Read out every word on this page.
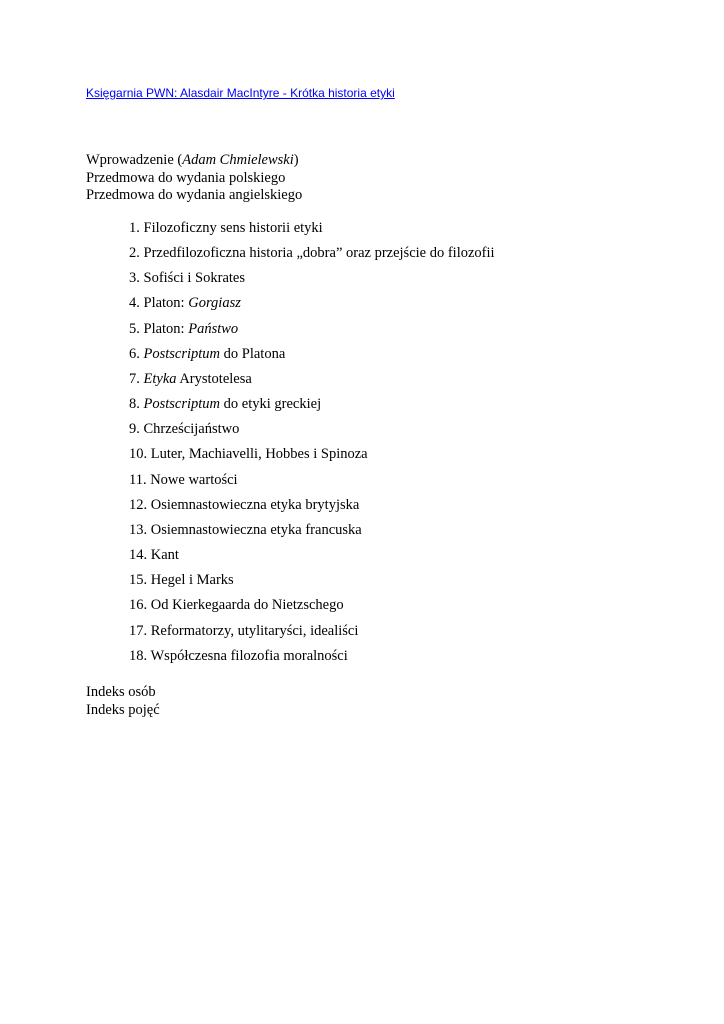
Księgarnia PWN: Alasdair MacIntyre - Krótka historia etyki
Wprowadzenie (Adam Chmielewski)
Przedmowa do wydania polskiego
Przedmowa do wydania angielskiego
1. Filozoficzny sens historii etyki
2. Przedfilozoficzna historia „dobra” oraz przejście do filozofii
3. Sofiści i Sokrates
4. Platon: Gorgiasz
5. Platon: Państwo
6. Postscriptum do Platona
7. Etyka Arystotelesa
8. Postscriptum do etyki greckiej
9. Chrześcijaństwo
10. Luter, Machiavelli, Hobbes i Spinoza
11. Nowe wartości
12. Osiemnastowieczna etyka brytyjska
13. Osiemnastowieczna etyka francuska
14. Kant
15. Hegel i Marks
16. Od Kierkegaarda do Nietzschego
17. Reformatorzy, utylitaryści, idealiści
18. Współczesna filozofia moralności
Indeks osób
Indeks pojęć
